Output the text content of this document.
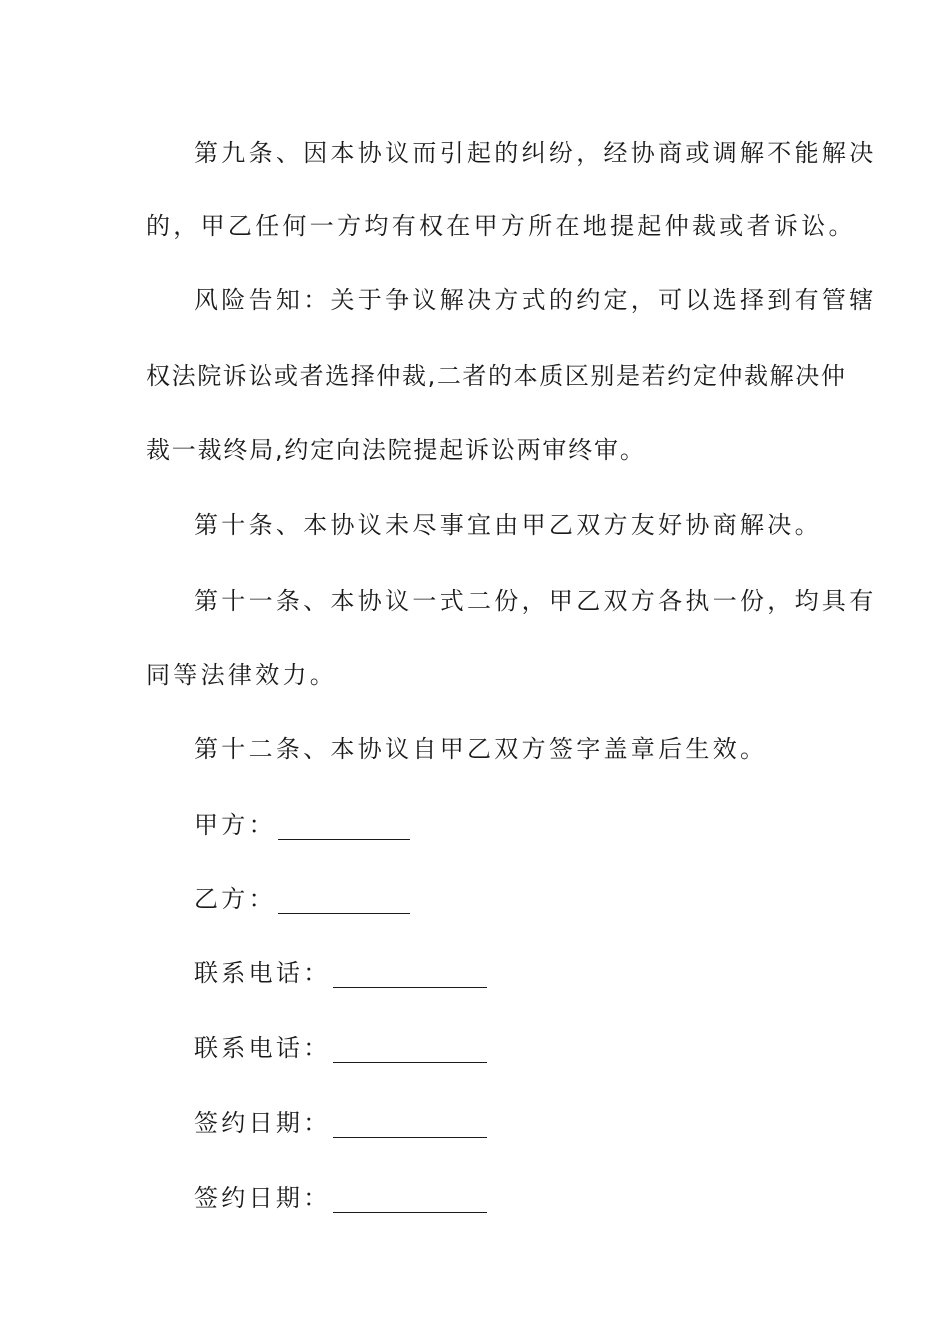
第九条、因本协议而引起的纠纷，经协商或调解不能解决
的，甲乙任何一方均有权在甲方所在地提起仲裁或者诉讼。
风险告知：关于争议解决方式的约定，可以选择到有管辖
权法院诉讼或者选择仲裁,二者的本质区别是若约定仲裁解决仲
裁一裁终局,约定向法院提起诉讼两审终审。
第十条、本协议未尽事宜由甲乙双方友好协商解决。
第十一条、本协议一式二份，甲乙双方各执一份，均具有
同等法律效力。
第十二条、本协议自甲乙双方签字盖章后生效。
甲方：
乙方：
联系电话：
联系电话：
签约日期：
签约日期：
